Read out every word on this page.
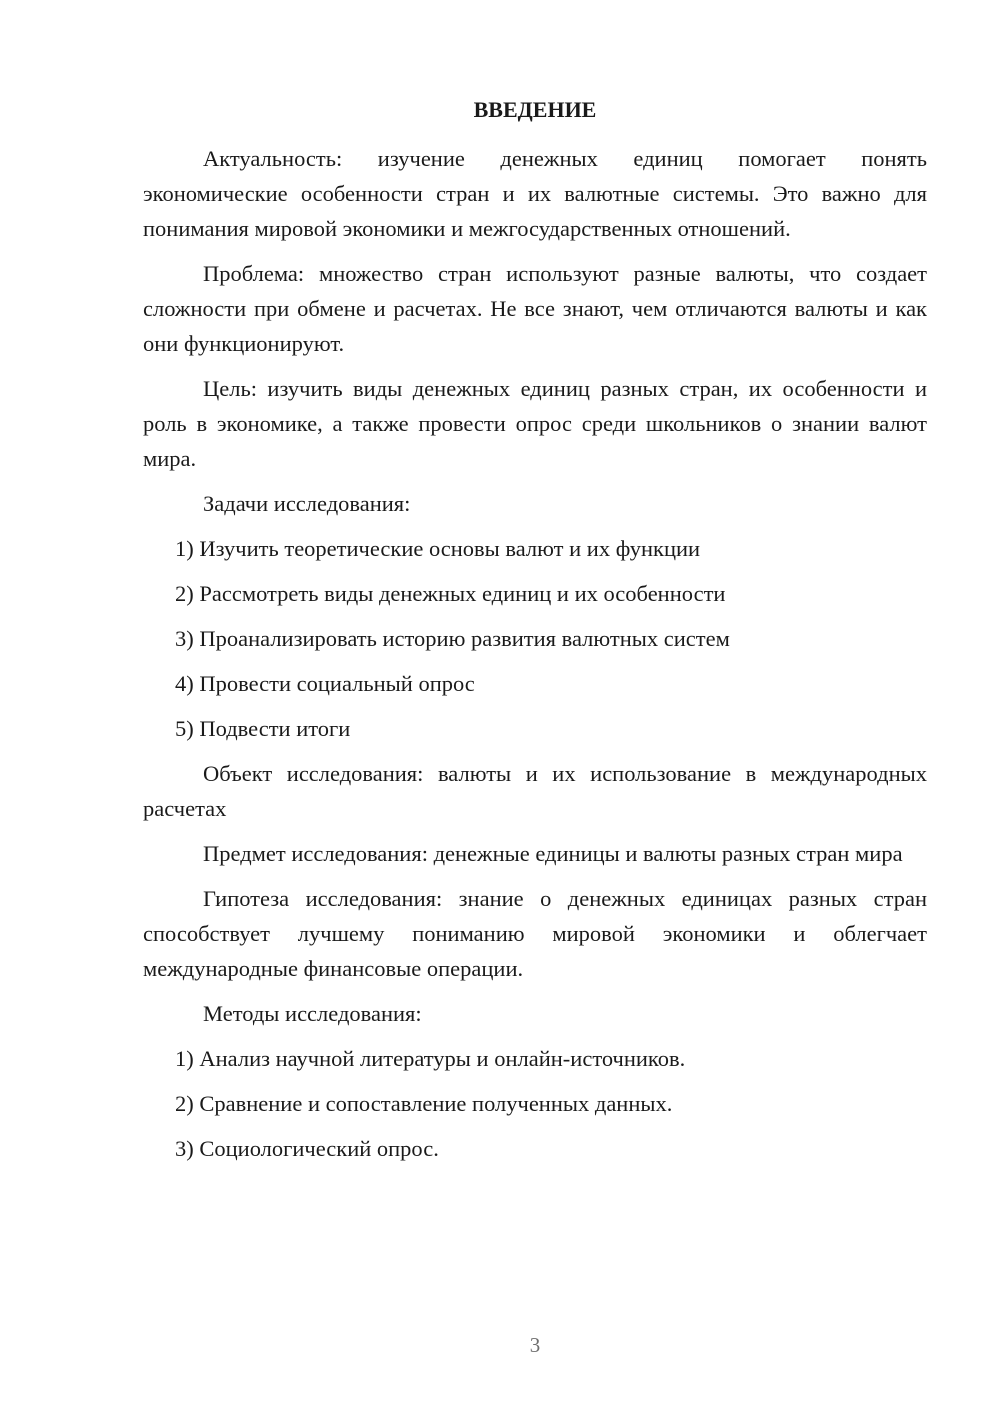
ВВЕДЕНИЕ

Актуальность: изучение денежных единиц помогает понять экономические особенности стран и их валютные системы. Это важно для понимания мировой экономики и межгосударственных отношений.

Проблема: множество стран используют разные валюты, что создает сложности при обмене и расчетах. Не все знают, чем отличаются валюты и как они функционируют.

Цель: изучить виды денежных единиц разных стран, их особенности и роль в экономике, а также провести опрос среди школьников о знании валют мира.

Задачи исследования:

1) Изучить теоретические основы валют и их функции
2) Рассмотреть виды денежных единиц и их особенности
3) Проанализировать историю развития валютных систем
4) Провести социальный опрос
5) Подвести итоги

Объект исследования: валюты и их использование в международных расчетах

Предмет исследования: денежные единицы и валюты разных стран мира

Гипотеза исследования: знание о денежных единицах разных стран способствует лучшему пониманию мировой экономики и облегчает международные финансовые операции.

Методы исследования:

1) Анализ научной литературы и онлайн-источников.
2) Сравнение и сопоставление полученных данных.
3) Социологический опрос.
3
